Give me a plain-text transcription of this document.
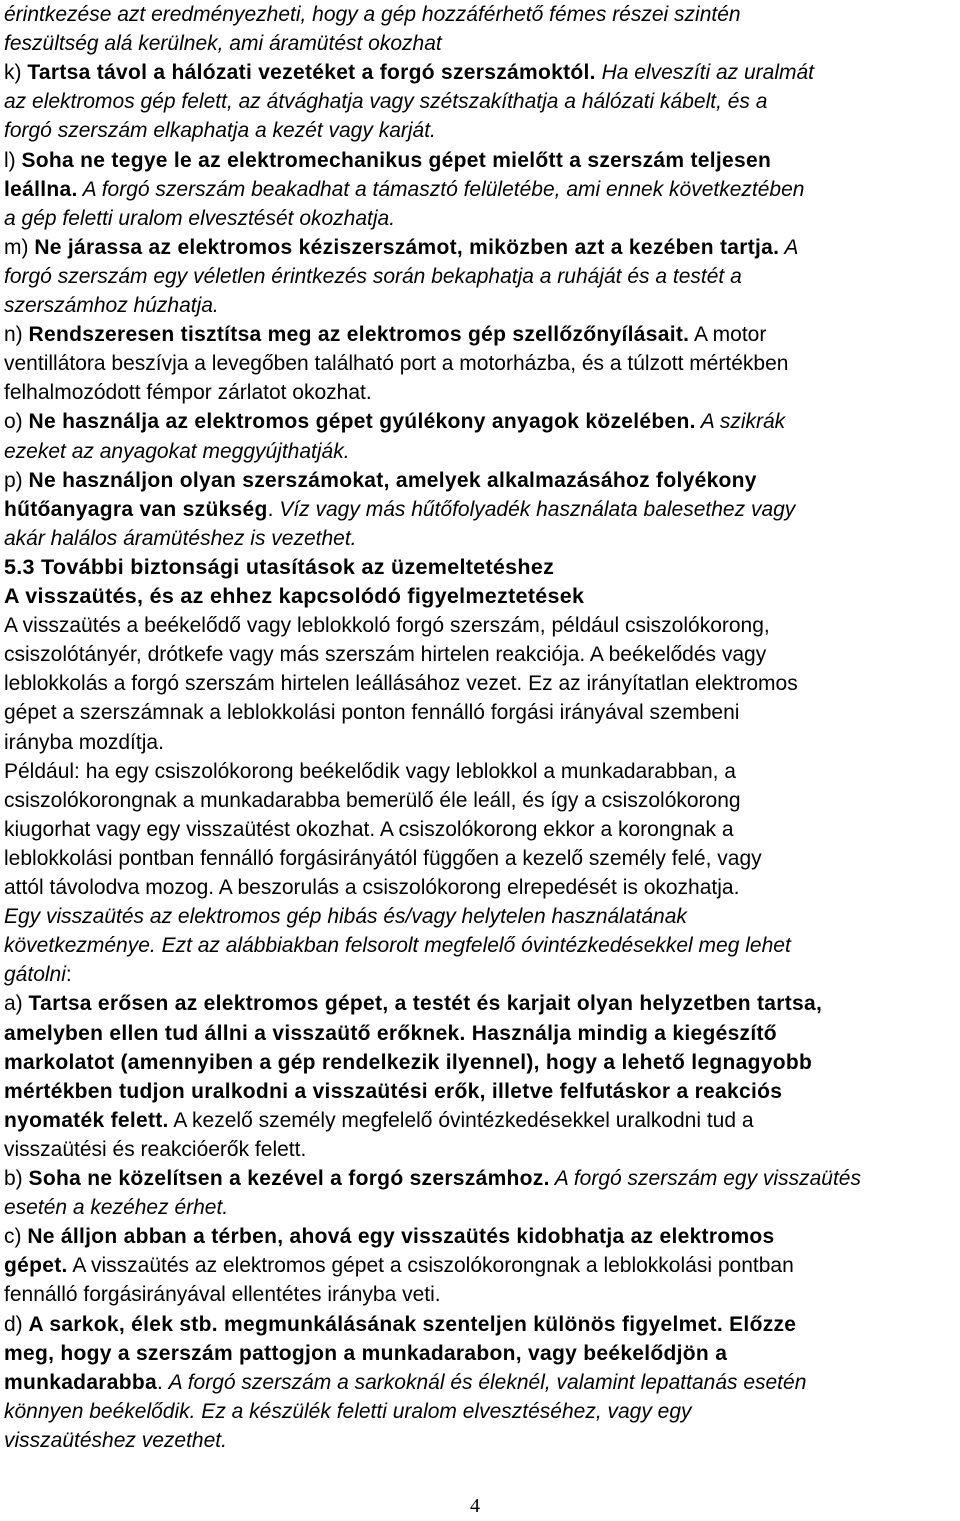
érintkezése azt eredményezheti, hogy a gép hozzáférhető fémes részei szintén
feszültség alá kerülnek, ami áramütést okozhat
k) Tartsa távol a hálózati vezetéket a forgó szerszámoktól. Ha elveszíti az uralmát
az elektromos gép felett, az átvághatja vagy szétszakíthatja a hálózati kábelt, és a
forgó szerszám elkaphatja a kezét vagy karját.
l) Soha ne tegye le az elektromechanikus gépet mielőtt a szerszám teljesen
leállna. A forgó szerszám beakadhat a támasztó felületébe, ami ennek következtében
a gép feletti uralom elvesztését okozhatja.
m) Ne járassa az elektromos kéziszerszámot, miközben azt a kezében tartja. A
forgó szerszám egy véletlen érintkezés során bekaphatja a ruháját és a testét a
szerszámhoz húzhatja.
n) Rendszeresen tisztítsa meg az elektromos gép szellőzőnyílásait. A motor
ventillátora beszívja a levegőben található port a motorházba, és a túlzott mértékben
felhalmozódott fémpor zárlatot okozhat.
o) Ne használja az elektromos gépet gyúlékony anyagok közelében. A szikrák
ezeket az anyagokat meggyújthatják.
p) Ne használjon olyan szerszámokat, amelyek alkalmazásához folyékony
hűtőanyagra van szükség. Víz vagy más hűtőfolyadék használata balesethez vagy
akár halálos áramütéshez is vezethet.
5.3 További biztonsági utasítások az üzemeltetéshez
A visszaütés, és az ehhez kapcsolódó figyelmeztetések
A visszaütés a beékelődő vagy leblokkoló forgó szerszám, például csiszolókorong,
csiszolótányér, drótkefe vagy más szerszám hirtelen reakciója. A beékelődés vagy
leblokkolás a forgó szerszám hirtelen leállásához vezet. Ez az irányítatlan elektromos
gépet a szerszámnak a leblokkolási ponton fennálló forgási irányával szembeni
irányba mozdítja.
Például: ha egy csiszolókorong beékelődik vagy leblokkol a munkadarabban, a
csiszolókorongnak a munkadarabba bemerülő éle leáll, és így a csiszolókorong
kiugorhat vagy egy visszaütést okozhat. A csiszolókorong ekkor a korongnak a
leblokkolási pontban fennálló forgásirányától függően a kezelő személy felé, vagy
attól távolodva mozog. A beszorulás a csiszolókorong elrepedését is okozhatja.
Egy visszaütés az elektromos gép hibás és/vagy helytelen használatának
következménye. Ezt az alábbiakban felsorolt megfelelő óvintézkedésekkel meg lehet
gátolni:
a) Tartsa erősen az elektromos gépet, a testét és karjait olyan helyzetben tartsa,
amelyben ellen tud állni a visszaütő erőknek. Használja mindig a kiegészítő
markolatot (amennyiben a gép rendelkezik ilyennel), hogy a lehető legnagyobb
mértékben tudjon uralkodni a visszaütési erők, illetve felfutáskor a reakciós
nyomaték felett. A kezelő személy megfelelő óvintézkedésekkel uralkodni tud a
visszaütési és reakcióerők felett.
b) Soha ne közelítsen a kezével a forgó szerszámhoz. A forgó szerszám egy visszaütés
esetén a kezéhez érhet.
c) Ne álljon abban a térben, ahová egy visszaütés kidobhatja az elektromos
gépet. A visszaütés az elektromos gépet a csiszolókorongnak a leblokkolási pontban
fennálló forgásirányával ellentétes irányba veti.
d) A sarkok, élek stb. megmunkálásának szenteljen különös figyelmet. Előzze
meg, hogy a szerszám pattogjon a munkadarabon, vagy beékelődjön a
munkadarabba. A forgó szerszám a sarkoknál és éleknél, valamint lepattanás esetén
könnyen beékelődik. Ez a készülék feletti uralom elvesztéséhez, vagy egy
visszaütéshez vezethet.
4
